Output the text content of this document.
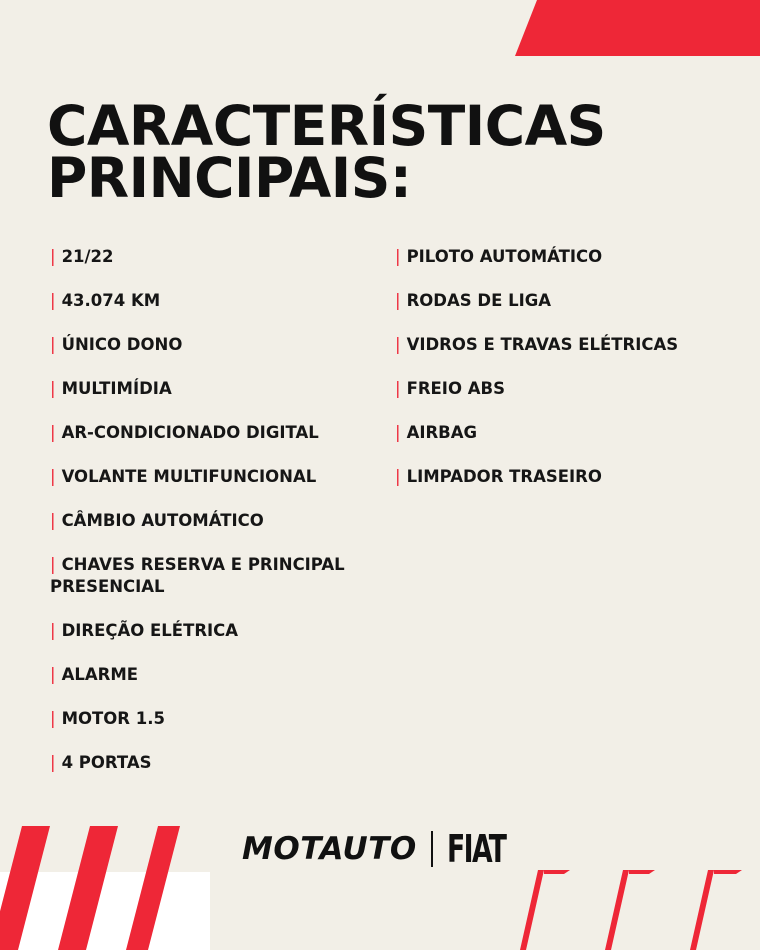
CARACTERÍSTICAS
PRINCIPAIS:
| 21/22
| 43.074 KM
| ÚNICO DONO
| MULTIMÍDIA
| AR-CONDICIONADO DIGITAL
| VOLANTE MULTIFUNCIONAL
| CÂMBIO AUTOMÁTICO
| CHAVES RESERVA E PRINCIPAL PRESENCIAL
| DIREÇÃO ELÉTRICA
| ALARME
| MOTOR 1.5
| 4 PORTAS
| PILOTO AUTOMÁTICO
| RODAS DE LIGA
| VIDROS E TRAVAS ELÉTRICAS
| FREIO ABS
| AIRBAG
| LIMPADOR TRASEIRO
MOTAUTO FIAT
